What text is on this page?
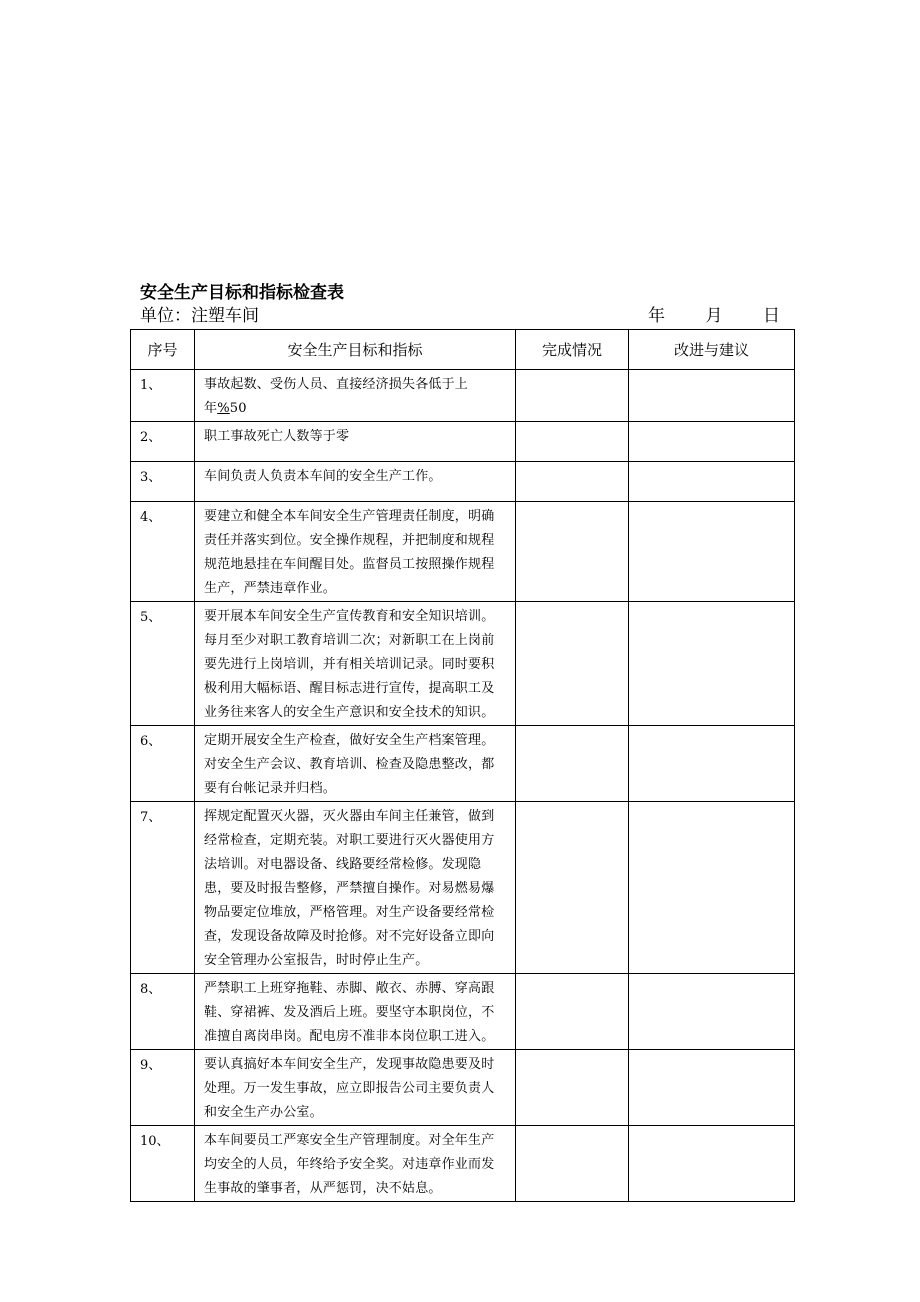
安全生产目标和指标检查表
单位：注塑车间	年 月 日
序号	安全生产目标和指标	完成情况	改进与建议
1、	事故起数、受伤人员、直接经济损失各低于上年%50		
2、	职工事故死亡人数等于零		
3、	车间负责人负责本车间的安全生产工作。		
4、	要建立和健全本车间安全生产管理责任制度，明确责任并落实到位。安全操作规程，并把制度和规程规范地悬挂在车间醒目处。监督员工按照操作规程生产，严禁违章作业。		
5、	要开展本车间安全生产宣传教育和安全知识培训。每月至少对职工教育培训二次；对新职工在上岗前要先进行上岗培训，并有相关培训记录。同时要积极利用大幅标语、醒目标志进行宣传，提高职工及业务往来客人的安全生产意识和安全技术的知识。		
6、	定期开展安全生产检查，做好安全生产档案管理。对安全生产会议、教育培训、检查及隐患整改，都要有台帐记录并归档。		
7、	挥规定配置灭火器，灭火器由车间主任兼管，做到经常检查，定期充装。对职工要进行灭火器使用方法培训。对电器设备、线路要经常检修。发现隐患，要及时报告整修，严禁擅自操作。对易燃易爆物品要定位堆放，严格管理。对生产设备要经常检查，发现设备故障及时抢修。对不完好设备立即向安全管理办公室报告，时时停止生产。		
8、	严禁职工上班穿拖鞋、赤脚、敞衣、赤膊、穿高跟鞋、穿裙裤、发及酒后上班。要坚守本职岗位，不准擅自离岗串岗。配电房不准非本岗位职工进入。		
9、	要认真搞好本车间安全生产，发现事故隐患要及时处理。万一发生事故，应立即报告公司主要负责人和安全生产办公室。		
10、	本车间要员工严寒安全生产管理制度。对全年生产均安全的人员，年终给予安全奖。对违章作业而发生事故的肇事者，从严惩罚，决不姑息。		
